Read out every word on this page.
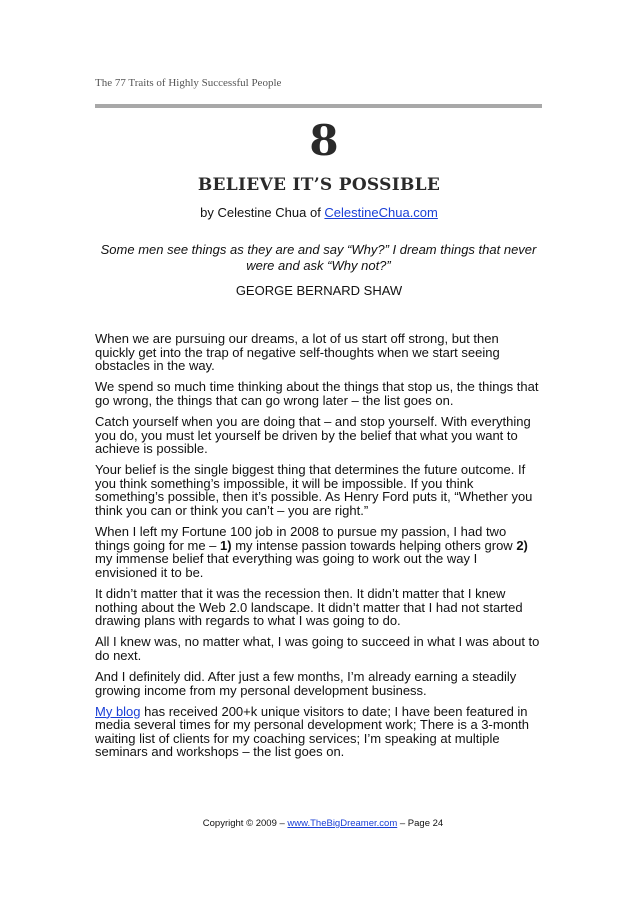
The 77 Traits of Highly Successful People
8
BELIEVE IT’S POSSIBLE
by Celestine Chua of CelestineChua.com
Some men see things as they are and say “Why?” I dream things that never were and ask “Why not?”
GEORGE BERNARD SHAW

When we are pursuing our dreams, a lot of us start off strong, but then quickly get into the trap of negative self-thoughts when we start seeing obstacles in the way.

We spend so much time thinking about the things that stop us, the things that go wrong, the things that can go wrong later – the list goes on.

Catch yourself when you are doing that – and stop yourself. With everything you do, you must let yourself be driven by the belief that what you want to achieve is possible.

Your belief is the single biggest thing that determines the future outcome. If you think something’s impossible, it will be impossible. If you think something’s possible, then it’s possible. As Henry Ford puts it, “Whether you think you can or think you can’t – you are right.”

When I left my Fortune 100 job in 2008 to pursue my passion, I had two things going for me – 1) my intense passion towards helping others grow 2) my immense belief that everything was going to work out the way I envisioned it to be.

It didn’t matter that it was the recession then. It didn’t matter that I knew nothing about the Web 2.0 landscape. It didn’t matter that I had not started drawing plans with regards to what I was going to do.

All I knew was, no matter what, I was going to succeed in what I was about to do next.

And I definitely did. After just a few months, I’m already earning a steadily growing income from my personal development business.

My blog has received 200+k unique visitors to date; I have been featured in media several times for my personal development work; There is a 3-month waiting list of clients for my coaching services; I’m speaking at multiple seminars and workshops – the list goes on.

Copyright © 2009 – www.TheBigDreamer.com – Page 24
